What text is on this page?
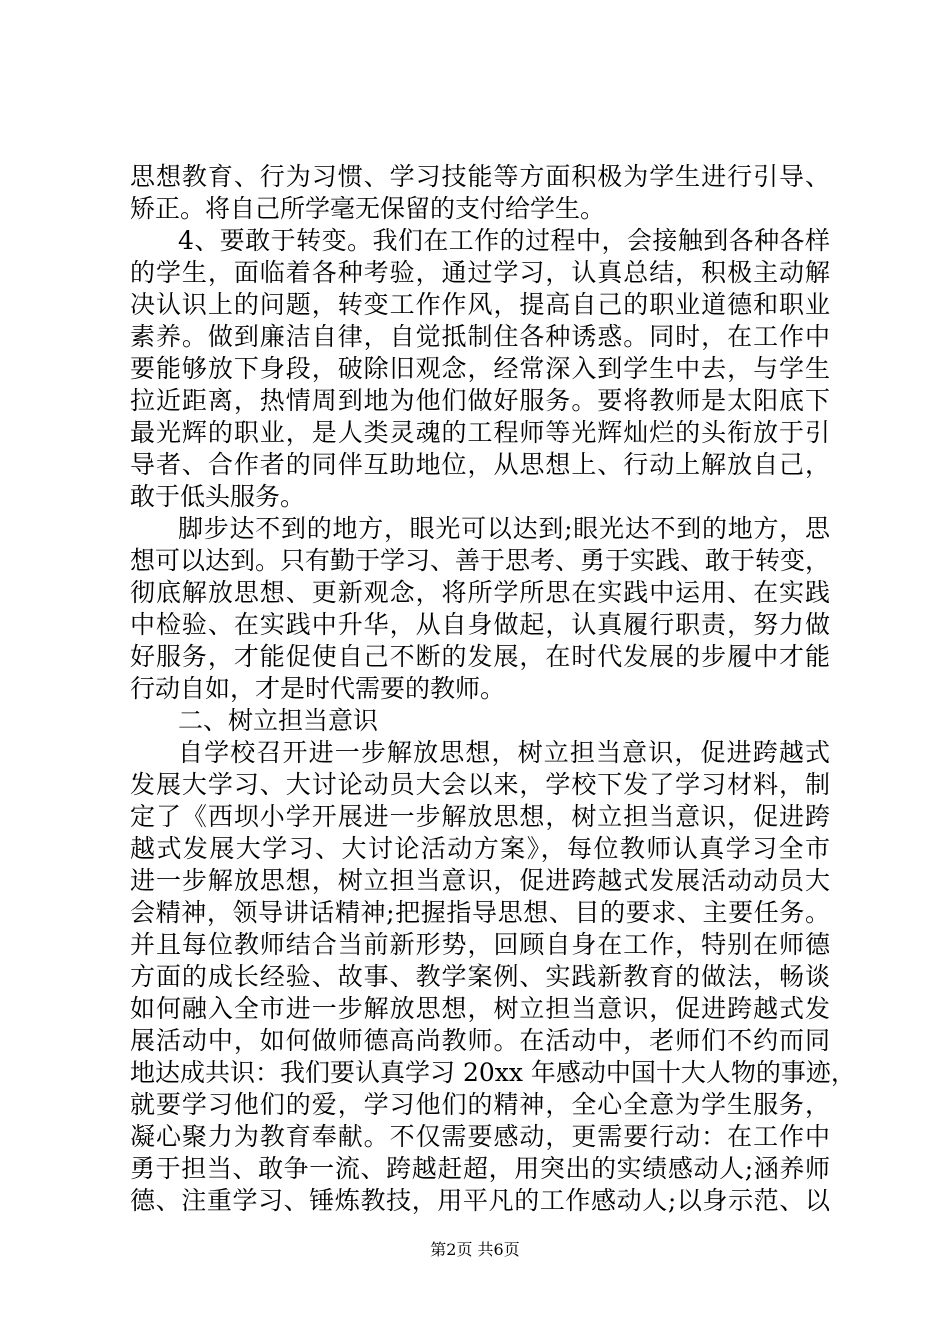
思想教育、行为习惯、学习技能等方面积极为学生进行引导、
矫正。将自己所学毫无保留的支付给学生。
4、要敢于转变。我们在工作的过程中，会接触到各种各样
的学生，面临着各种考验，通过学习，认真总结，积极主动解
决认识上的问题，转变工作作风，提高自己的职业道德和职业
素养。做到廉洁自律，自觉抵制住各种诱惑。同时，在工作中
要能够放下身段，破除旧观念，经常深入到学生中去，与学生
拉近距离，热情周到地为他们做好服务。要将教师是太阳底下
最光辉的职业，是人类灵魂的工程师等光辉灿烂的头衔放于引
导者、合作者的同伴互助地位，从思想上、行动上解放自己，
敢于低头服务。
脚步达不到的地方，眼光可以达到;眼光达不到的地方，思
想可以达到。只有勤于学习、善于思考、勇于实践、敢于转变，
彻底解放思想、更新观念，将所学所思在实践中运用、在实践
中检验、在实践中升华，从自身做起，认真履行职责，努力做
好服务，才能促使自己不断的发展，在时代发展的步履中才能
行动自如，才是时代需要的教师。
二、树立担当意识
自学校召开进一步解放思想，树立担当意识，促进跨越式
发展大学习、大讨论动员大会以来，学校下发了学习材料，制
定了《西坝小学开展进一步解放思想，树立担当意识，促进跨
越式发展大学习、大讨论活动方案》，每位教师认真学习全市
进一步解放思想，树立担当意识，促进跨越式发展活动动员大
会精神，领导讲话精神;把握指导思想、目的要求、主要任务。
并且每位教师结合当前新形势，回顾自身在工作，特别在师德
方面的成长经验、故事、教学案例、实践新教育的做法，畅谈
如何融入全市进一步解放思想，树立担当意识，促进跨越式发
展活动中，如何做师德高尚教师。在活动中，老师们不约而同
地达成共识：我们要认真学习 20xx 年感动中国十大人物的事迹，
就要学习他们的爱，学习他们的精神，全心全意为学生服务，
凝心聚力为教育奉献。不仅需要感动，更需要行动：在工作中
勇于担当、敢争一流、跨越赶超，用突出的实绩感动人;涵养师
德、注重学习、锤炼教技，用平凡的工作感动人;以身示范、以
第2页 共6页
